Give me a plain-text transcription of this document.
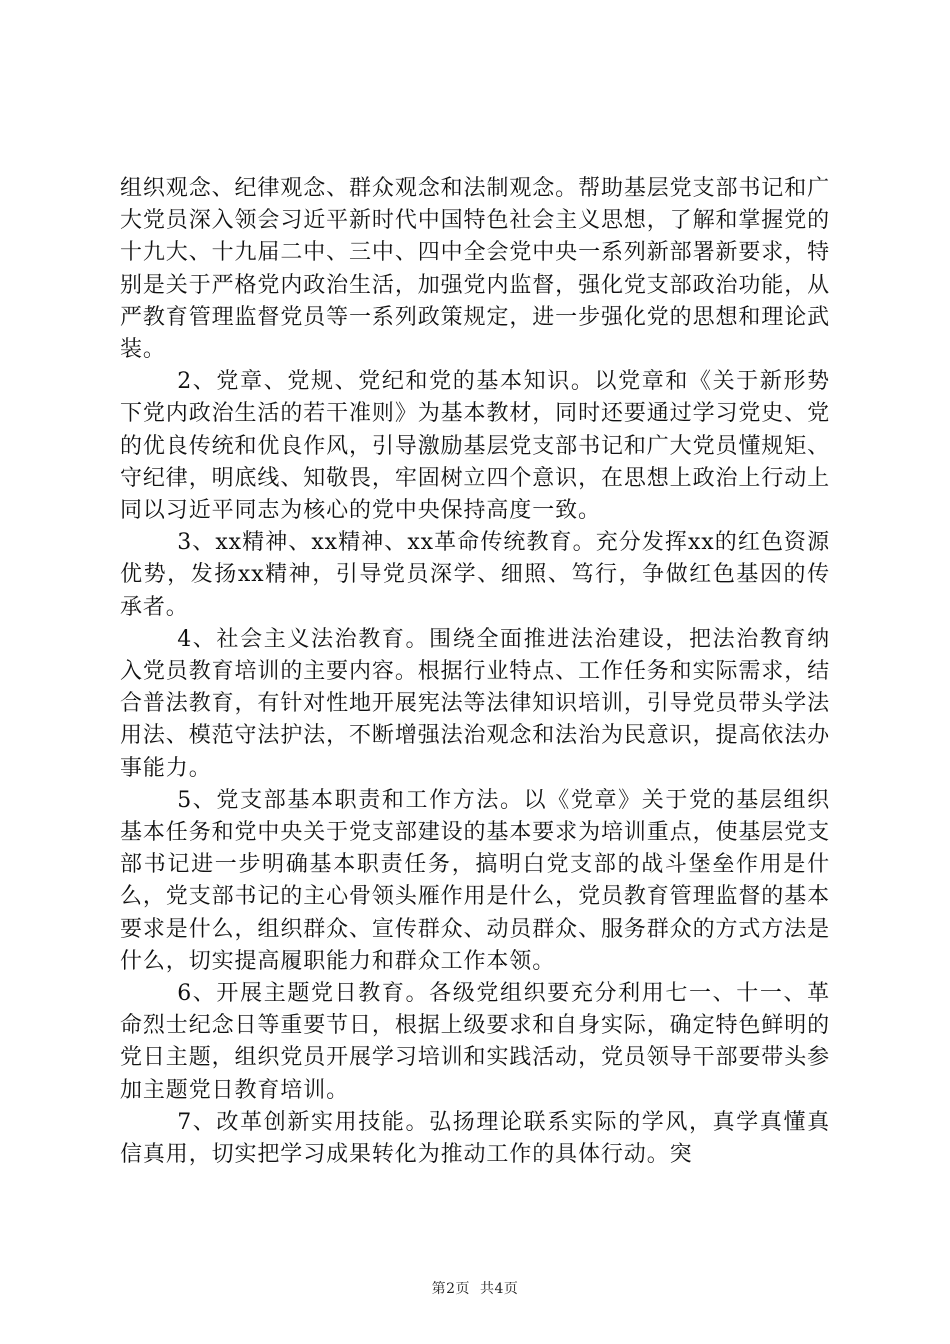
组织观念、纪律观念、群众观念和法制观念。帮助基层党支部书记和广大党员深入领会习近平新时代中国特色社会主义思想，了解和掌握党的十九大、十九届二中、三中、四中全会党中央一系列新部署新要求，特别是关于严格党内政治生活，加强党内监督，强化党支部政治功能，从严教育管理监督党员等一系列政策规定，进一步强化党的思想和理论武装。

2、党章、党规、党纪和党的基本知识。以党章和《关于新形势下党内政治生活的若干准则》为基本教材，同时还要通过学习党史、党的优良传统和优良作风，引导激励基层党支部书记和广大党员懂规矩、守纪律，明底线、知敬畏，牢固树立四个意识，在思想上政治上行动上同以习近平同志为核心的党中央保持高度一致。

3、xx精神、xx精神、xx革命传统教育。充分发挥xx的红色资源优势，发扬xx精神，引导党员深学、细照、笃行，争做红色基因的传承者。

4、社会主义法治教育。围绕全面推进法治建设，把法治教育纳入党员教育培训的主要内容。根据行业特点、工作任务和实际需求，结合普法教育，有针对性地开展宪法等法律知识培训，引导党员带头学法用法、模范守法护法，不断增强法治观念和法治为民意识，提高依法办事能力。

5、党支部基本职责和工作方法。以《党章》关于党的基层组织基本任务和党中央关于党支部建设的基本要求为培训重点，使基层党支部书记进一步明确基本职责任务，搞明白党支部的战斗堡垒作用是什么，党支部书记的主心骨领头雁作用是什么，党员教育管理监督的基本要求是什么，组织群众、宣传群众、动员群众、服务群众的方式方法是什么，切实提高履职能力和群众工作本领。

6、开展主题党日教育。各级党组织要充分利用七一、十一、革命烈士纪念日等重要节日，根据上级要求和自身实际，确定特色鲜明的党日主题，组织党员开展学习培训和实践活动，党员领导干部要带头参加主题党日教育培训。

7、改革创新实用技能。弘扬理论联系实际的学风，真学真懂真信真用，切实把学习成果转化为推动工作的具体行动。突

第2页  共4页
